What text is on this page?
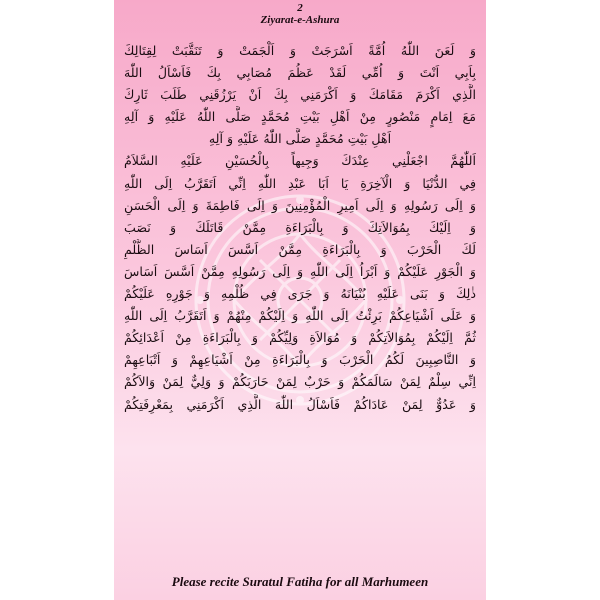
2
Ziyarat-e-Ashura
وَ لَعَنَ اللّٰهُ اُمَّةً اَسْرَجَتْ وَ اَلْجَمَتْ وَ تَنَقَّبَتْ لِقِتَالِكَ
بِاَبِي اَنْتَ وَ اُمِّي لَقَدْ عَظُمَ مُصَابِي بِكَ فَاَسْاَلُ اللّٰهَ
الَّذِي اَكْرَمَ مَقَامَكَ وَ اَكْرَمَنِي بِكَ اَنْ يَرْزُقَنِي طَلَبَ ثَارِكَ
مَعَ اِمَامٍ مَنْصُورٍ مِنْ اَهْلِ بَيْتِ مُحَمَّدٍ صَلَّى اللّٰهُ عَلَيْهِ وَ آلِهِ
اَهْلِ بَيْتِ مُحَمَّدٍ صَلَّى اللّٰهُ عَلَيْهِ وَ آلِهِ
اَللّٰهُمَّ اجْعَلْنِي عِنْدَكَ وَجِيهاً بِالْحُسَيْنِ عَلَيْهِ السَّلاَمُ
فِي الدُّنْيَا وَ الْآخِرَةِ يَا اَبَا عَبْدِ اللّٰهِ اِنِّي اَتَقَرَّبُ اِلَى اللّٰهِ
وَ اِلَى رَسُولِهِ وَ اِلَى اَمِيرِ الْمُؤْمِنِينَ وَ اِلَى فَاطِمَةَ وَ اِلَى الْحَسَنِ
وَ اِلَيْكَ بِمُوَالاَتِكَ وَ بِالْبَرَاءَةِ مِمَّنْ قَاتَلَكَ وَ نَصَبَ
لَكَ الْحَرْبَ وَ بِالْبَرَاءَةِ مِمَّنْ اَسَّسَ اَسَاسَ الظُّلْمِ
وَ الْجَوْرِ عَلَيْكُمْ وَ اَبْرَاُ اِلَى اللّٰهِ وَ اِلَى رَسُولِهِ مِمَّنْ اَسَّسَ اَسَاسَ
ذٰلِكَ وَ بَنَى عَلَيْهِ بُنْيَانَهُ وَ جَرَى فِي ظُلْمِهِ وَ جَوْرِهِ عَلَيْكُمْ
وَ عَلَى اَشْيَاعِكُمْ بَرِئْتُ اِلَى اللّٰهِ وَ اِلَيْكُمْ مِنْهُمْ وَ اَتَقَرَّبُ اِلَى اللّٰهِ
ثُمَّ اِلَيْكُمْ بِمُوَالاَتِكُمْ وَ مُوَالاَةِ وَلِيِّكُمْ وَ بِالْبَرَاءَةِ مِنْ اَعْدَائِكُمْ
وَ النَّاصِبِينَ لَكُمُ الْحَرْبَ وَ بِالْبَرَاءَةِ مِنْ اَشْيَاعِهِمْ وَ اَتْبَاعِهِمْ
اِنِّي سِلْمٌ لِمَنْ سَالَمَكُمْ وَ حَرْبٌ لِمَنْ حَارَبَكُمْ وَ وَلِيٌّ لِمَنْ وَالاَكُمْ
وَ عَدُوٌّ لِمَنْ عَادَاكُمْ فَاَسْاَلُ اللّٰهَ الَّذِي اَكْرَمَنِي بِمَعْرِفَتِكُمْ
Please recite Suratul Fatiha for all Marhumeen
